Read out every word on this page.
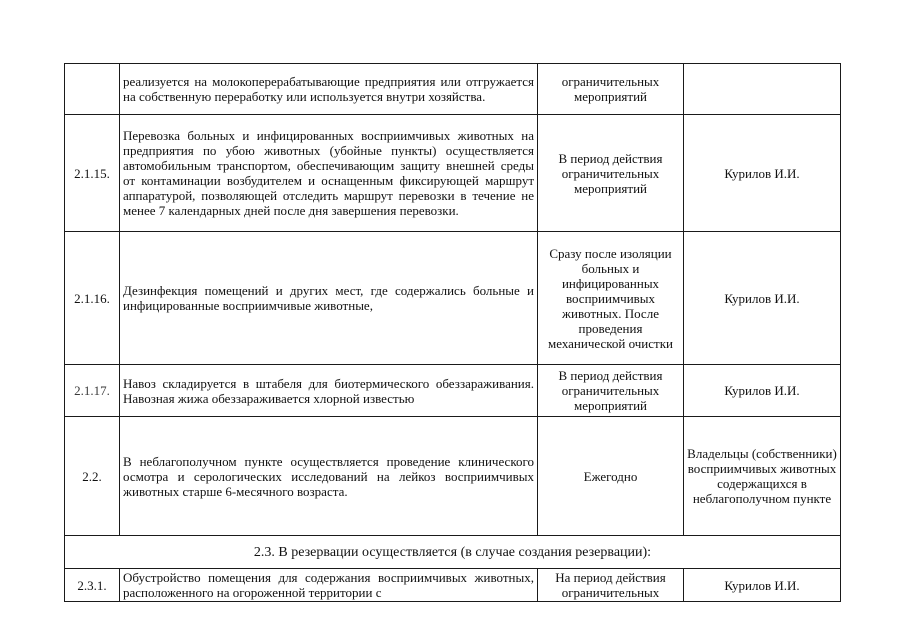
	реализуется на молокоперерабатывающие предприятия или отгружается на собственную переработку или используется внутри хозяйства.	ограничительных мероприятий	
2.1.15.	Перевозка больных и инфицированных восприимчивых животных на предприятия по убою животных (убойные пункты) осуществляется автомобильным транспортом, обеспечивающим защиту внешней среды от контаминации возбудителем и оснащенным фиксирующей маршрут аппаратурой, позволяющей отследить маршрут перевозки в течение не менее 7 календарных дней после дня завершения перевозки.	В период действия ограничительных мероприятий	Курилов И.И.
2.1.16.	Дезинфекция помещений и других мест, где содержались больные и инфицированные восприимчивые животные,	Сразу после изоляции больных и инфицированных восприимчивых животных. После проведения механической очистки	Курилов И.И.
2.1.17.	Навоз складируется в штабеля для биотермического обеззараживания. Навозная жижа обеззараживается хлорной известью	В период действия ограничительных мероприятий	Курилов И.И.
2.2.	В неблагополучном пункте осуществляется проведение клинического осмотра и серологических исследований на лейкоз восприимчивых животных старше 6-месячного возраста.	Ежегодно	Владельцы (собственники) восприимчивых животных содержащихся в неблагополучном пункте
2.3. В резервации осуществляется (в случае создания резервации):			
2.3.1.	Обустройство помещения для содержания восприимчивых животных, расположенного на огороженной территории с	На период действия ограничительных	Курилов И.И.
